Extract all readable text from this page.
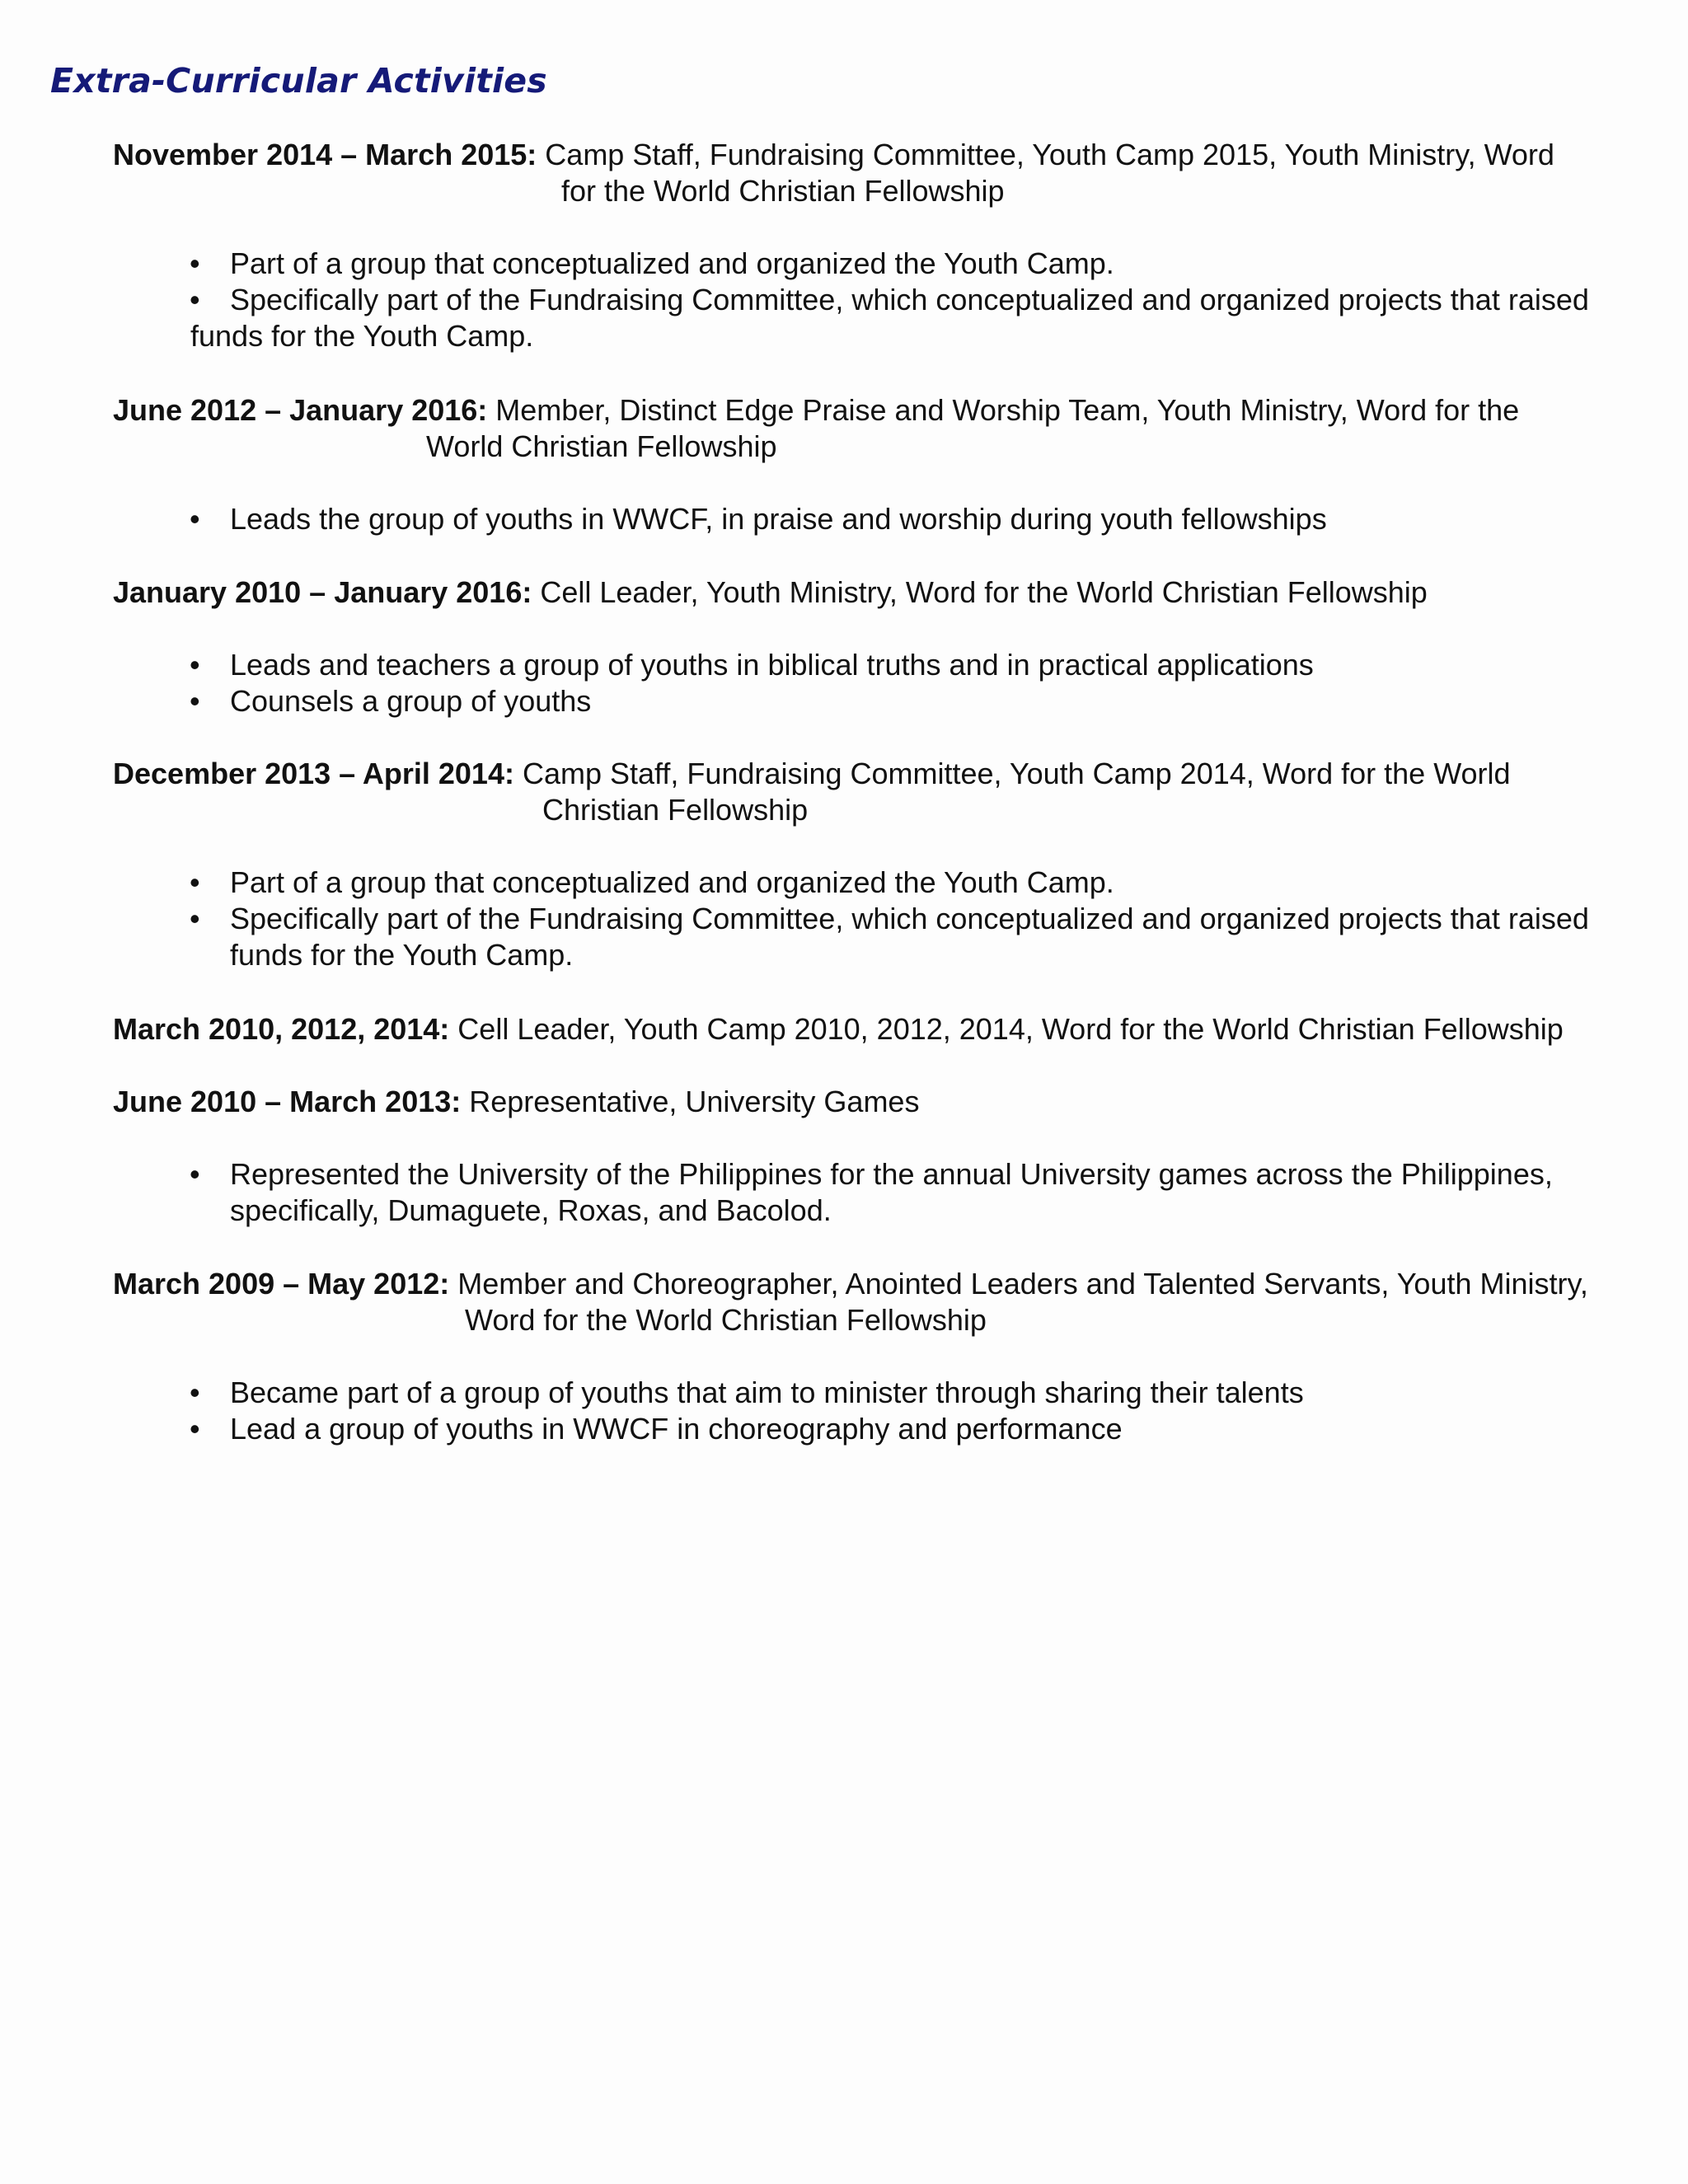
Extra-Curricular Activities
November 2014 – March 2015: Camp Staff, Fundraising Committee, Youth Camp 2015, Youth Ministry, Word
for the World Christian Fellowship
• Part of a group that conceptualized and organized the Youth Camp.
• Specifically part of the Fundraising Committee, which conceptualized and organized projects that raised
funds for the Youth Camp.
June 2012 – January 2016: Member, Distinct Edge Praise and Worship Team, Youth Ministry, Word for the
World Christian Fellowship
• Leads the group of youths in WWCF, in praise and worship during youth fellowships
January 2010 – January 2016: Cell Leader, Youth Ministry, Word for the World Christian Fellowship
• Leads and teachers a group of youths in biblical truths and in practical applications
• Counsels a group of youths
December 2013 – April 2014: Camp Staff, Fundraising Committee, Youth Camp 2014, Word for the World
Christian Fellowship
• Part of a group that conceptualized and organized the Youth Camp.
• Specifically part of the Fundraising Committee, which conceptualized and organized projects that raised
funds for the Youth Camp.
March 2010, 2012, 2014: Cell Leader, Youth Camp 2010, 2012, 2014, Word for the World Christian Fellowship
June 2010 – March 2013: Representative, University Games
• Represented the University of the Philippines for the annual University games across the Philippines,
specifically, Dumaguete, Roxas, and Bacolod.
March 2009 – May 2012: Member and Choreographer, Anointed Leaders and Talented Servants, Youth Ministry,
Word for the World Christian Fellowship
• Became part of a group of youths that aim to minister through sharing their talents
• Lead a group of youths in WWCF in choreography and performance
